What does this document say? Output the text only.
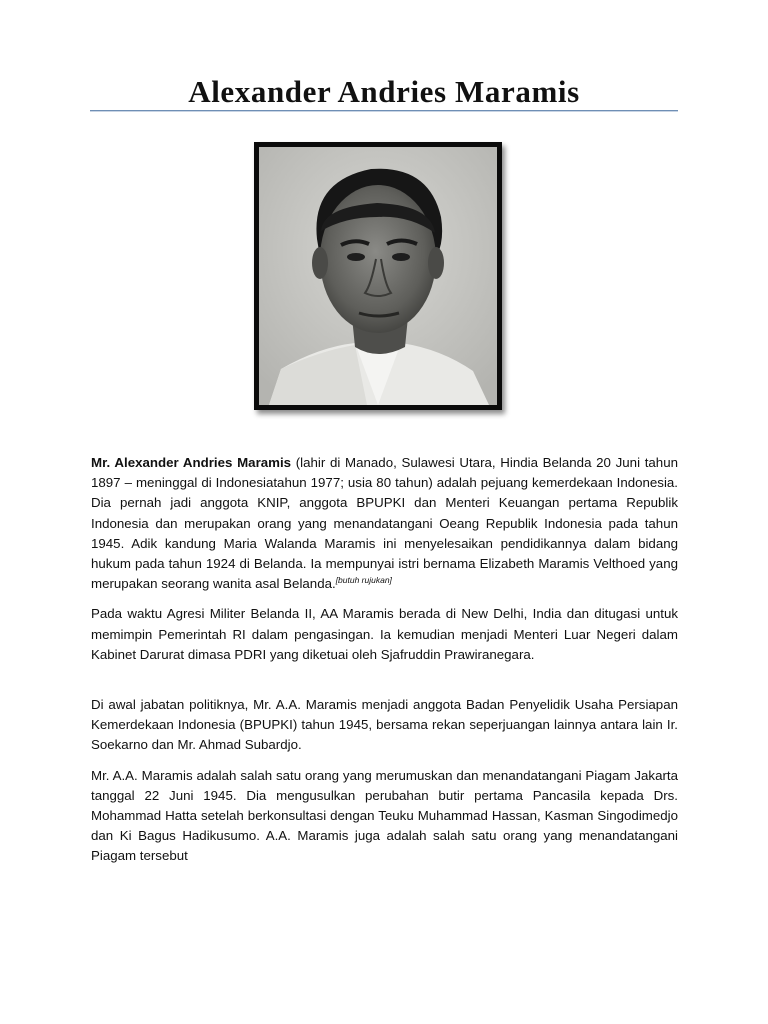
Alexander Andries Maramis

Mr. Alexander Andries Maramis (lahir di Manado, Sulawesi Utara, Hindia Belanda 20 Juni tahun 1897 – meninggal di Indonesiatahun 1977; usia 80 tahun) adalah pejuang kemerdekaan Indonesia. Dia pernah jadi anggota KNIP, anggota BPUPKI dan Menteri Keuangan pertama Republik Indonesia dan merupakan orang yang menandatangani Oeang Republik Indonesia pada tahun 1945. Adik kandung Maria Walanda Maramis ini menyelesaikan pendidikannya dalam bidang hukum pada tahun 1924 di Belanda. Ia mempunyai istri bernama Elizabeth Maramis Velthoed yang merupakan seorang wanita asal Belanda.[butuh rujukan]

Pada waktu Agresi Militer Belanda II, AA Maramis berada di New Delhi, India dan ditugasi untuk memimpin Pemerintah RI dalam pengasingan. Ia kemudian menjadi Menteri Luar Negeri dalam Kabinet Darurat dimasa PDRI yang diketuai oleh Sjafruddin Prawiranegara.

Di awal jabatan politiknya, Mr. A.A. Maramis menjadi anggota Badan Penyelidik Usaha Persiapan Kemerdekaan Indonesia (BPUPKI) tahun 1945, bersama rekan seperjuangan lainnya antara lain Ir. Soekarno dan Mr. Ahmad Subardjo.

Mr. A.A. Maramis adalah salah satu orang yang merumuskan dan menandatangani Piagam Jakarta tanggal 22 Juni 1945. Dia mengusulkan perubahan butir pertama Pancasila kepada Drs. Mohammad Hatta setelah berkonsultasi dengan Teuku Muhammad Hassan, Kasman Singodimedjo dan Ki Bagus Hadikusumo. A.A. Maramis juga adalah salah satu orang yang menandatangani Piagam tersebut
